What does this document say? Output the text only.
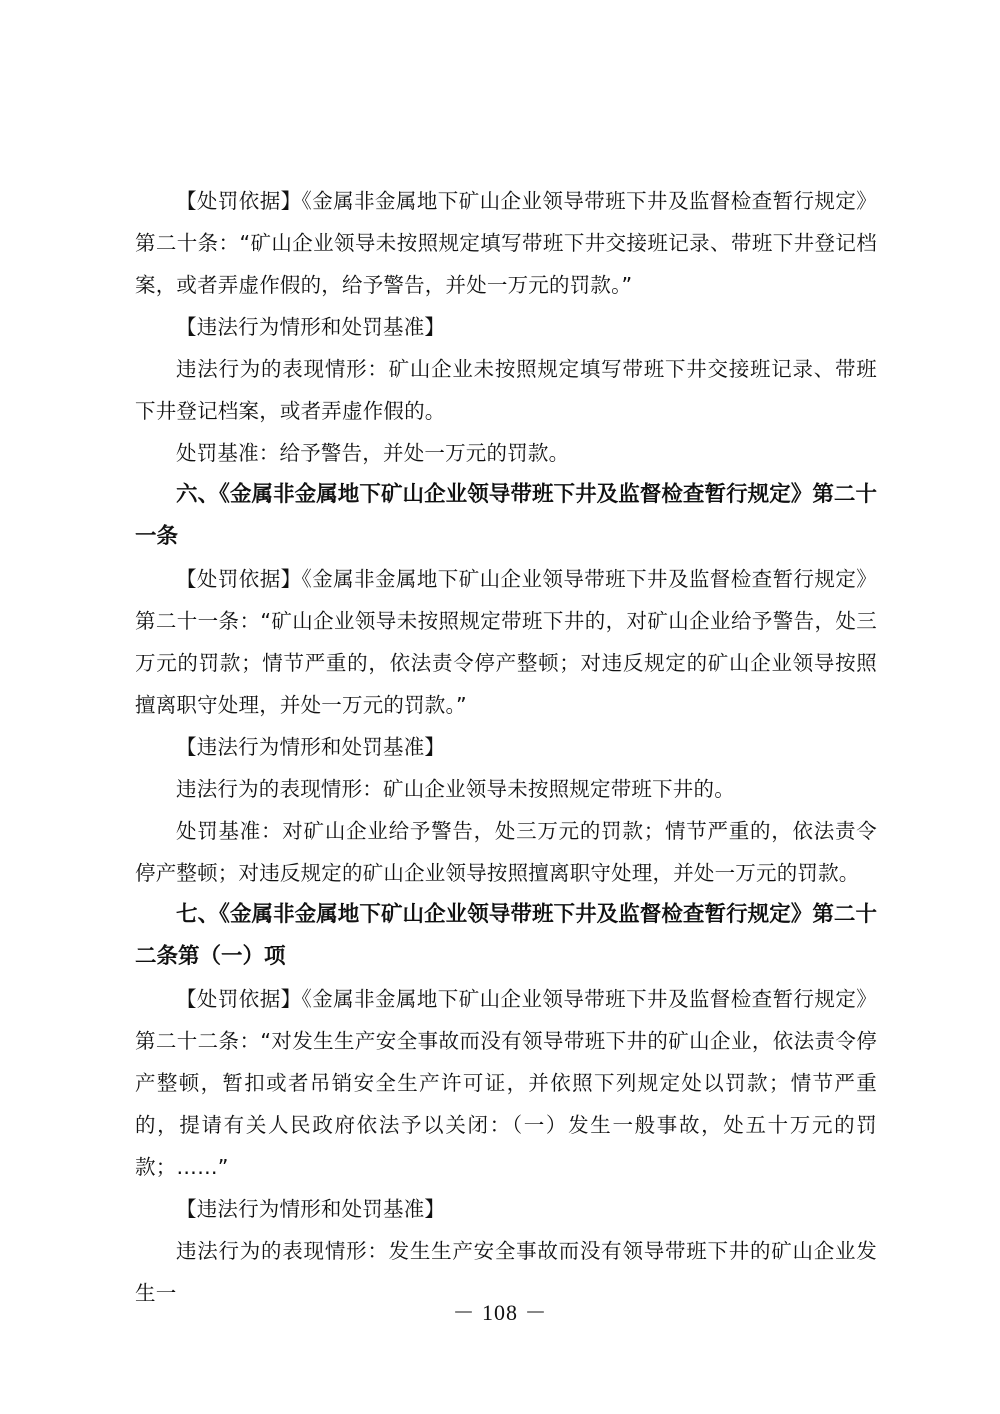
【处罚依据】《金属非金属地下矿山企业领导带班下井及监督检查暂行规定》第二十条：“矿山企业领导未按照规定填写带班下井交接班记录、带班下井登记档案，或者弄虚作假的，给予警告，并处一万元的罚款。”

【违法行为情形和处罚基准】

违法行为的表现情形：矿山企业未按照规定填写带班下井交接班记录、带班下井登记档案，或者弄虚作假的。

处罚基准：给予警告，并处一万元的罚款。

六、《金属非金属地下矿山企业领导带班下井及监督检查暂行规定》第二十一条

【处罚依据】《金属非金属地下矿山企业领导带班下井及监督检查暂行规定》第二十一条：“矿山企业领导未按照规定带班下井的，对矿山企业给予警告，处三万元的罚款；情节严重的，依法责令停产整顿；对违反规定的矿山企业领导按照擅离职守处理，并处一万元的罚款。”

【违法行为情形和处罚基准】

违法行为的表现情形：矿山企业领导未按照规定带班下井的。

处罚基准：对矿山企业给予警告，处三万元的罚款；情节严重的，依法责令停产整顿；对违反规定的矿山企业领导按照擅离职守处理，并处一万元的罚款。

七、《金属非金属地下矿山企业领导带班下井及监督检查暂行规定》第二十二条第（一）项

【处罚依据】《金属非金属地下矿山企业领导带班下井及监督检查暂行规定》第二十二条：“对发生生产安全事故而没有领导带班下井的矿山企业，依法责令停产整顿，暂扣或者吊销安全生产许可证，并依照下列规定处以罚款；情节严重的，提请有关人民政府依法予以关闭：（一）发生一般事故，处五十万元的罚款；……”

【违法行为情形和处罚基准】

违法行为的表现情形：发生生产安全事故而没有领导带班下井的矿山企业发生一

－ 108 －
